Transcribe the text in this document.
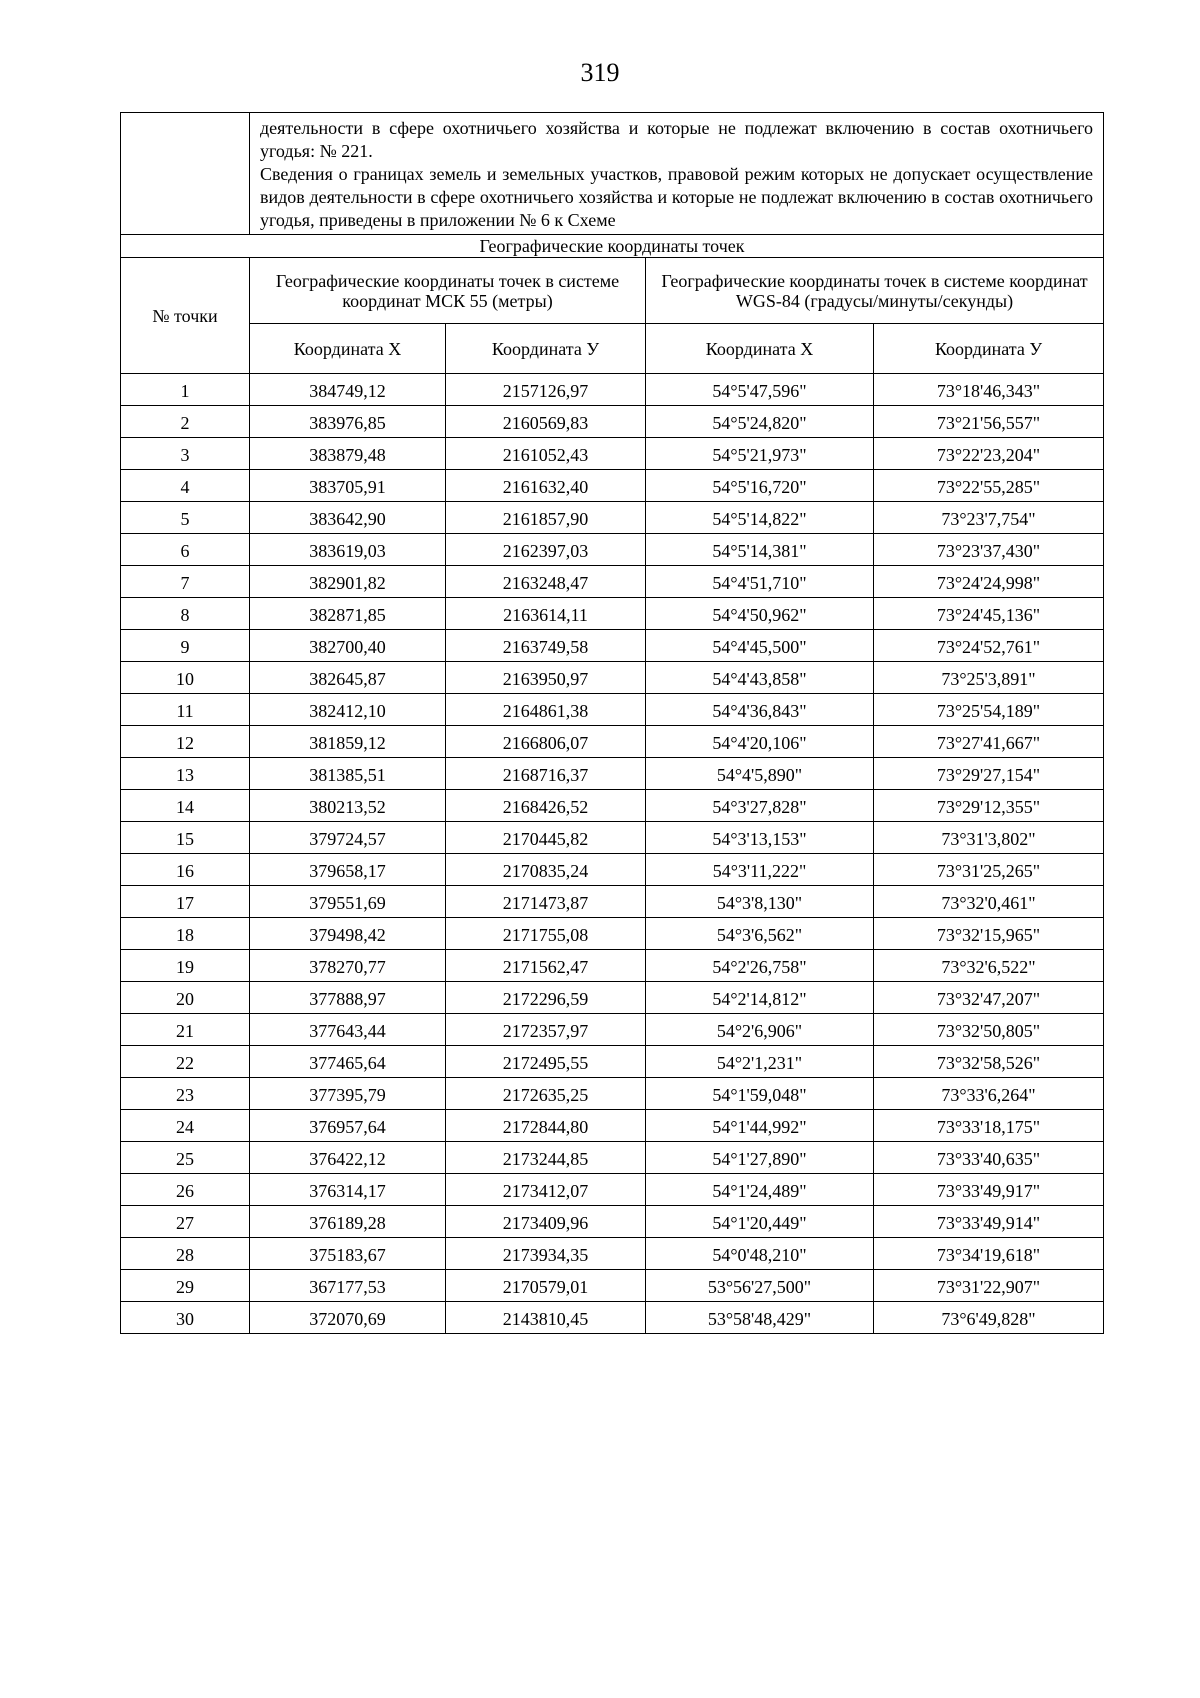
319

	деятельности в сфере охотничьего хозяйства и которые не подлежат включению в состав охотничьего угодья: № 221.

Сведения о границах земель и земельных участков, правовой режим которых не допускает осуществление видов деятельности в сфере охотничьего хозяйства и которые не подлежат включению в состав охотничьего угодья, приведены в приложении № 6 к Схеме			

Географические координаты точек				
№ точки	Географические координаты точек в системе координат МСК 55 (метры)		Географические координаты точек в системе координат WGS-84 (градусы/минуты/секунды)	
	Координата X	Координата У	Координата X	Координата У
1	384749,12	2157126,97	54°5'47,596"	73°18'46,343"
2	383976,85	2160569,83	54°5'24,820"	73°21'56,557"
3	383879,48	2161052,43	54°5'21,973"	73°22'23,204"
4	383705,91	2161632,40	54°5'16,720"	73°22'55,285"
5	383642,90	2161857,90	54°5'14,822"	73°23'7,754"
6	383619,03	2162397,03	54°5'14,381"	73°23'37,430"
7	382901,82	2163248,47	54°4'51,710"	73°24'24,998"
8	382871,85	2163614,11	54°4'50,962"	73°24'45,136"
9	382700,40	2163749,58	54°4'45,500"	73°24'52,761"
10	382645,87	2163950,97	54°4'43,858"	73°25'3,891"
11	382412,10	2164861,38	54°4'36,843"	73°25'54,189"
12	381859,12	2166806,07	54°4'20,106"	73°27'41,667"
13	381385,51	2168716,37	54°4'5,890"	73°29'27,154"
14	380213,52	2168426,52	54°3'27,828"	73°29'12,355"
15	379724,57	2170445,82	54°3'13,153"	73°31'3,802"
16	379658,17	2170835,24	54°3'11,222"	73°31'25,265"
17	379551,69	2171473,87	54°3'8,130"	73°32'0,461"
18	379498,42	2171755,08	54°3'6,562"	73°32'15,965"
19	378270,77	2171562,47	54°2'26,758"	73°32'6,522"
20	377888,97	2172296,59	54°2'14,812"	73°32'47,207"
21	377643,44	2172357,97	54°2'6,906"	73°32'50,805"
22	377465,64	2172495,55	54°2'1,231"	73°32'58,526"
23	377395,79	2172635,25	54°1'59,048"	73°33'6,264"
24	376957,64	2172844,80	54°1'44,992"	73°33'18,175"
25	376422,12	2173244,85	54°1'27,890"	73°33'40,635"
26	376314,17	2173412,07	54°1'24,489"	73°33'49,917"
27	376189,28	2173409,96	54°1'20,449"	73°33'49,914"
28	375183,67	2173934,35	54°0'48,210"	73°34'19,618"
29	367177,53	2170579,01	53°56'27,500"	73°31'22,907"
30	372070,69	2143810,45	53°58'48,429"	73°6'49,828"
